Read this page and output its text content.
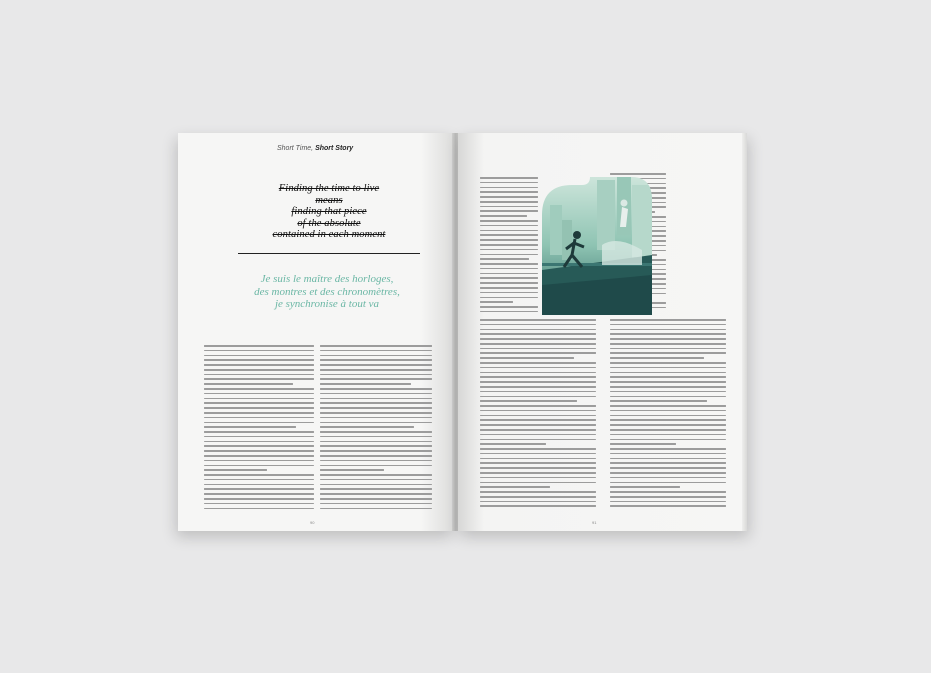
Short Time, Short Story
Finding the time to live
means
finding that piece
of the absolute
contained in each moment
Je suis le maître des horloges,
des montres et des chronomètres,
je synchronise à tout va
90	91
